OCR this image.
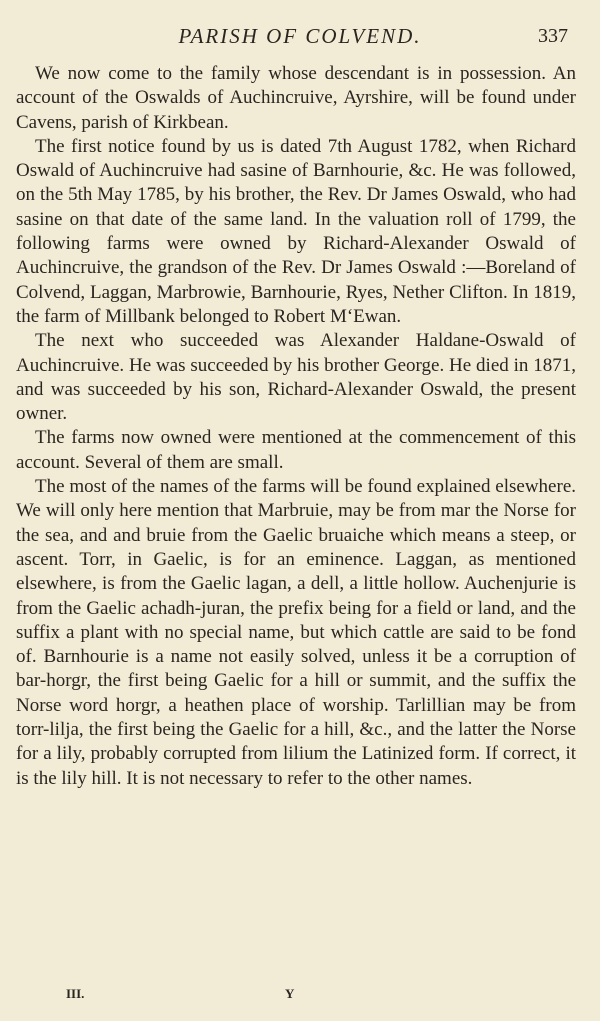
PARISH OF COLVEND.	337

We now come to the family whose descendant is in possession. An account of the Oswalds of Auchincruive, Ayrshire, will be found under Cavens, parish of Kirkbean.

The first notice found by us is dated 7th August 1782, when Richard Oswald of Auchincruive had sasine of Barnhourie, &c. He was followed, on the 5th May 1785, by his brother, the Rev. Dr James Oswald, who had sasine on that date of the same land. In the valuation roll of 1799, the following farms were owned by Richard-Alexander Oswald of Auchincruive, the grandson of the Rev. Dr James Oswald :—Boreland of Colvend, Laggan, Marbrowie, Barnhourie, Ryes, Nether Clifton. In 1819, the farm of Millbank belonged to Robert M‘Ewan.

The next who succeeded was Alexander Haldane-Oswald of Auchincruive. He was succeeded by his brother George. He died in 1871, and was succeeded by his son, Richard-Alexander Oswald, the present owner.

The farms now owned were mentioned at the commencement of this account. Several of them are small.

The most of the names of the farms will be found explained elsewhere. We will only here mention that Marbruie, may be from mar the Norse for the sea, and and bruie from the Gaelic bruaiche which means a steep, or ascent. Torr, in Gaelic, is for an eminence. Laggan, as mentioned elsewhere, is from the Gaelic lagan, a dell, a little hollow. Auchenjurie is from the Gaelic achadh-juran, the prefix being for a field or land, and the suffix a plant with no special name, but which cattle are said to be fond of. Barnhourie is a name not easily solved, unless it be a corruption of bar-horgr, the first being Gaelic for a hill or summit, and the suffix the Norse word horgr, a heathen place of worship. Tarlillian may be from torr-lilja, the first being the Gaelic for a hill, &c., and the latter the Norse for a lily, probably corrupted from lilium the Latinized form. If correct, it is the lily hill. It is not necessary to refer to the other names.

III.	Y
